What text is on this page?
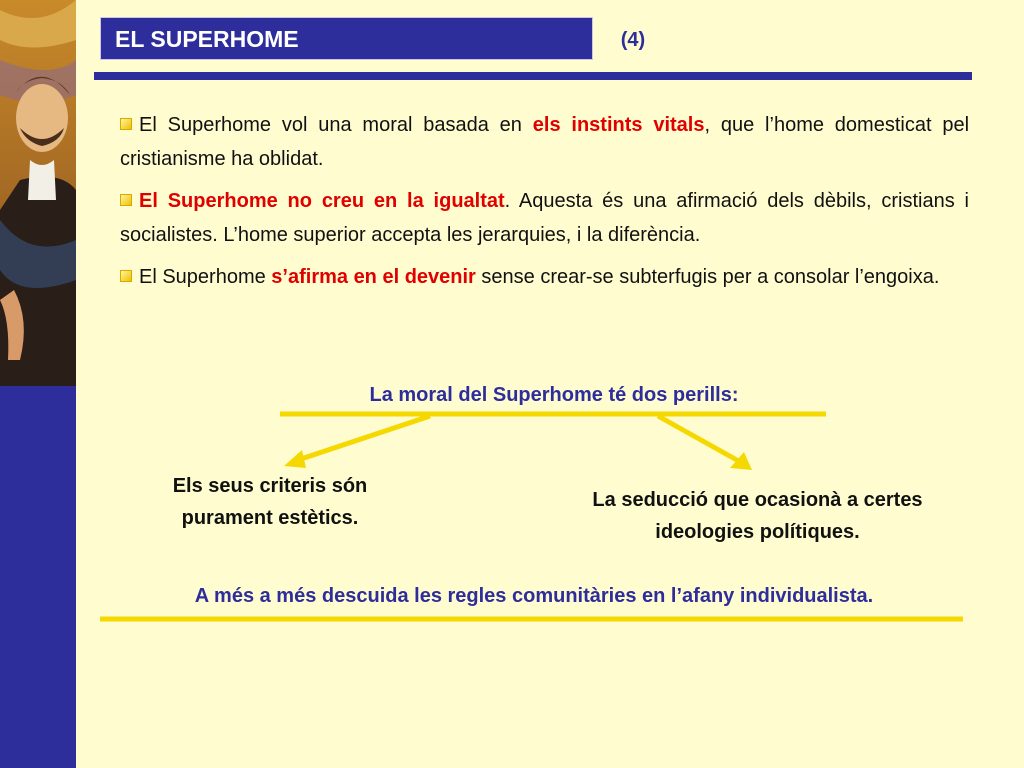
EL SUPERHOME	(4)

El Superhome vol una moral basada en els instints vitals, que l’home domesticat pel cristianisme ha oblidat.

El Superhome no creu en la igualtat. Aquesta és una afirmació dels dèbils, cristians i socialistes. L’home superior accepta les jerarquies, i la diferència.

El Superhome s’afirma en el devenir sense crear-se subterfugis per a consolar l’engoixa.

La moral del Superhome té dos perills:
Els seus criteris són purament estètics.
La seducció que ocasionà a certes ideologies polítiques.
A més a més descuida les regles comunitàries en l’afany individualista.
